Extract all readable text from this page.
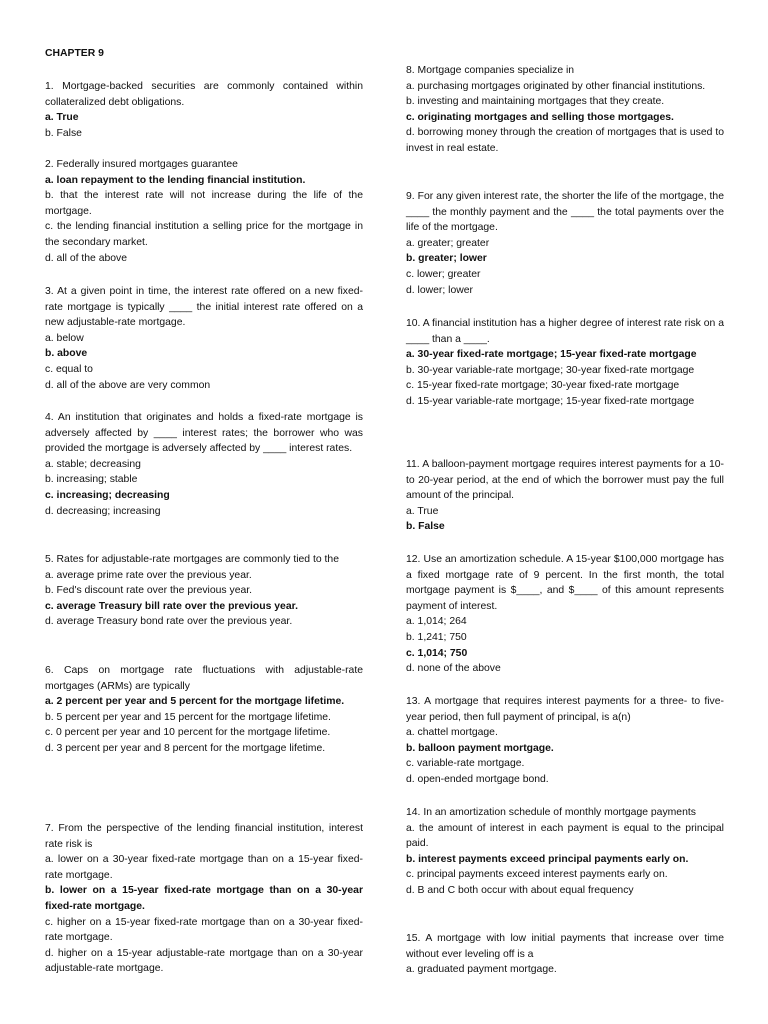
CHAPTER 9

1. Mortgage-backed securities are commonly contained within collateralized debt obligations.

a. True

b. False

2. Federally insured mortgages guarantee

a. loan repayment to the lending financial institution.

b. that the interest rate will not increase during the life of the mortgage.

c. the lending financial institution a selling price for the mortgage in the secondary market.

d. all of the above

3. At a given point in time, the interest rate offered on a new fixed-rate mortgage is typically ____ the initial interest rate offered on a new adjustable-rate mortgage.

a. below

b. above

c. equal to

d. all of the above are very common

4. An institution that originates and holds a fixed-rate mortgage is adversely affected by ____ interest rates; the borrower who was provided the mortgage is adversely affected by ____ interest rates.

a. stable; decreasing

b. increasing; stable

c. increasing; decreasing

d. decreasing; increasing

5. Rates for adjustable-rate mortgages are commonly tied to the

a. average prime rate over the previous year.

b. Fed's discount rate over the previous year.

c. average Treasury bill rate over the previous year.

d. average Treasury bond rate over the previous year.

6. Caps on mortgage rate fluctuations with adjustable-rate mortgages (ARMs) are typically

a. 2 percent per year and 5 percent for the mortgage lifetime.

b. 5 percent per year and 15 percent for the mortgage lifetime.

c. 0 percent per year and 10 percent for the mortgage lifetime.

d. 3 percent per year and 8 percent for the mortgage lifetime.

7. From the perspective of the lending financial institution, interest rate risk is

a. lower on a 30-year fixed-rate mortgage than on a 15-year fixed-rate mortgage.

b. lower on a 15-year fixed-rate mortgage than on a 30-year fixed-rate mortgage.

c. higher on a 15-year fixed-rate mortgage than on a 30-year fixed-rate mortgage.

d. higher on a 15-year adjustable-rate mortgage than on a 30-year adjustable-rate mortgage.

8. Mortgage companies specialize in

a. purchasing mortgages originated by other financial institutions.

b. investing and maintaining mortgages that they create.

c. originating mortgages and selling those mortgages.

d. borrowing money through the creation of mortgages that is used to invest in real estate.

9. For any given interest rate, the shorter the life of the mortgage, the ____ the monthly payment and the ____ the total payments over the life of the mortgage.

a. greater; greater

b. greater; lower

c. lower; greater

d. lower; lower

10. A financial institution has a higher degree of interest rate risk on a ____ than a ____.

a. 30-year fixed-rate mortgage; 15-year fixed-rate mortgage

b. 30-year variable-rate mortgage; 30-year fixed-rate mortgage

c. 15-year fixed-rate mortgage; 30-year fixed-rate mortgage

d. 15-year variable-rate mortgage; 15-year fixed-rate mortgage

11. A balloon-payment mortgage requires interest payments for a 10- to 20-year period, at the end of which the borrower must pay the full amount of the principal.

a. True

b. False

12. Use an amortization schedule. A 15-year $100,000 mortgage has a fixed mortgage rate of 9 percent. In the first month, the total mortgage payment is $____, and $____ of this amount represents payment of interest.

a. 1,014; 264

b. 1,241; 750

c. 1,014; 750

d. none of the above

13. A mortgage that requires interest payments for a three- to five-year period, then full payment of principal, is a(n)

a. chattel mortgage.

b. balloon payment mortgage.

c. variable-rate mortgage.

d. open-ended mortgage bond.

14. In an amortization schedule of monthly mortgage payments

a. the amount of interest in each payment is equal to the principal paid.

b. interest payments exceed principal payments early on.

c. principal payments exceed interest payments early on.

d. B and C both occur with about equal frequency

15. A mortgage with low initial payments that increase over time without ever leveling off is a

a. graduated payment mortgage.
